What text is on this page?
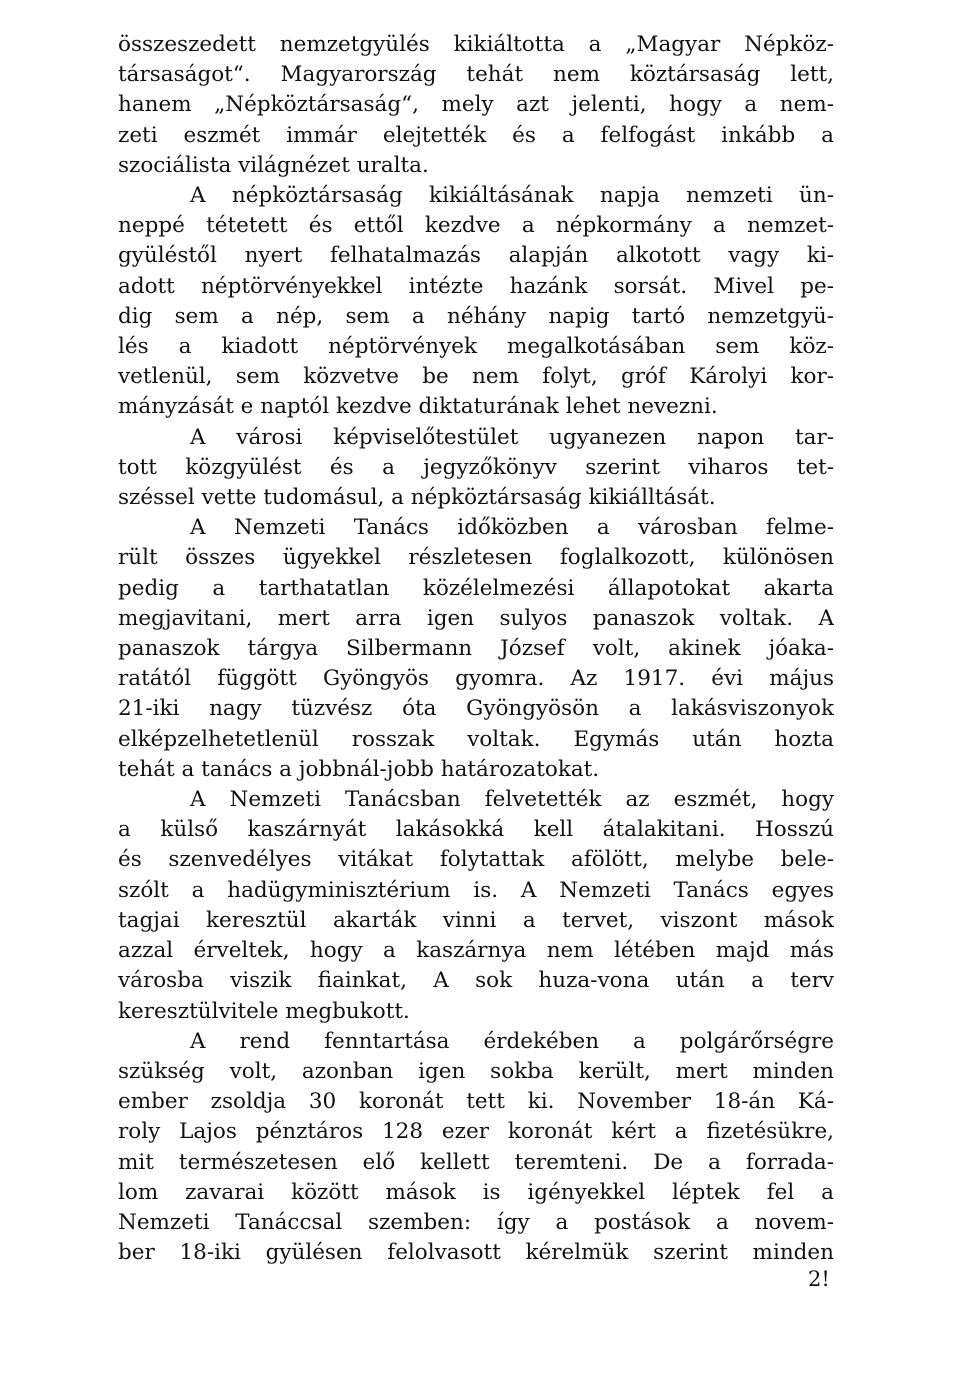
összeszedett nemzetgyülés kikiáltotta a „Magyar Népköz-
társaságot“. Magyarország tehát nem köztársaság lett,
hanem „Népköztársaság“, mely azt jelenti, hogy a nem-
zeti eszmét immár elejtették és a felfogást inkább a
szociálista világnézet uralta.
A népköztársaság kikiáltásának napja nemzeti ün-
neppé tétetett és ettől kezdve a népkormány a nemzet-
gyüléstől nyert felhatalmazás alapján alkotott vagy ki-
adott néptörvényekkel intézte hazánk sorsát. Mivel pe-
dig sem a nép, sem a néhány napig tartó nemzetgyü-
lés a kiadott néptörvények megalkotásában sem köz-
vetlenül, sem közvetve be nem folyt, gróf Károlyi kor-
mányzását e naptól kezdve diktaturának lehet nevezni.
A városi képviselőtestület ugyanezen napon tar-
tott közgyülést és a jegyzőkönyv szerint viharos tet-
széssel vette tudomásul, a népköztársaság kikiálltását.
A Nemzeti Tanács időközben a városban felme-
rült összes ügyekkel részletesen foglalkozott, különösen
pedig a tarthatatlan közélelmezési állapotokat akarta
megjavitani, mert arra igen sulyos panaszok voltak. A
panaszok tárgya Silbermann József volt, akinek jóaka-
ratától függött Gyöngyös gyomra. Az 1917. évi május
21-iki nagy tüzvész óta Gyöngyösön a lakásviszonyok
elképzelhetetlenül rosszak voltak. Egymás után hozta
tehát a tanács a jobbnál-jobb határozatokat.
A Nemzeti Tanácsban felvetették az eszmét, hogy
a külső kaszárnyát lakásokká kell átalakitani. Hosszú
és szenvedélyes vitákat folytattak afölött, melybe bele-
szólt a hadügyminisztérium is. A Nemzeti Tanács egyes
tagjai keresztül akarták vinni a tervet, viszont mások
azzal érveltek, hogy a kaszárnya nem létében majd más
városba viszik fiainkat, A sok huza-vona után a terv
keresztülvitele megbukott.
A rend fenntartása érdekében a polgárőrségre
szükség volt, azonban igen sokba került, mert minden
ember zsoldja 30 koronát tett ki. November 18-án Ká-
roly Lajos pénztáros 128 ezer koronát kért a fizetésükre,
mit természetesen elő kellett teremteni. De a forrada-
lom zavarai között mások is igényekkel léptek fel a
Nemzeti Tanáccsal szemben: így a postások a novem-
ber 18-iki gyülésen felolvasott kérelmük szerint minden
2!
